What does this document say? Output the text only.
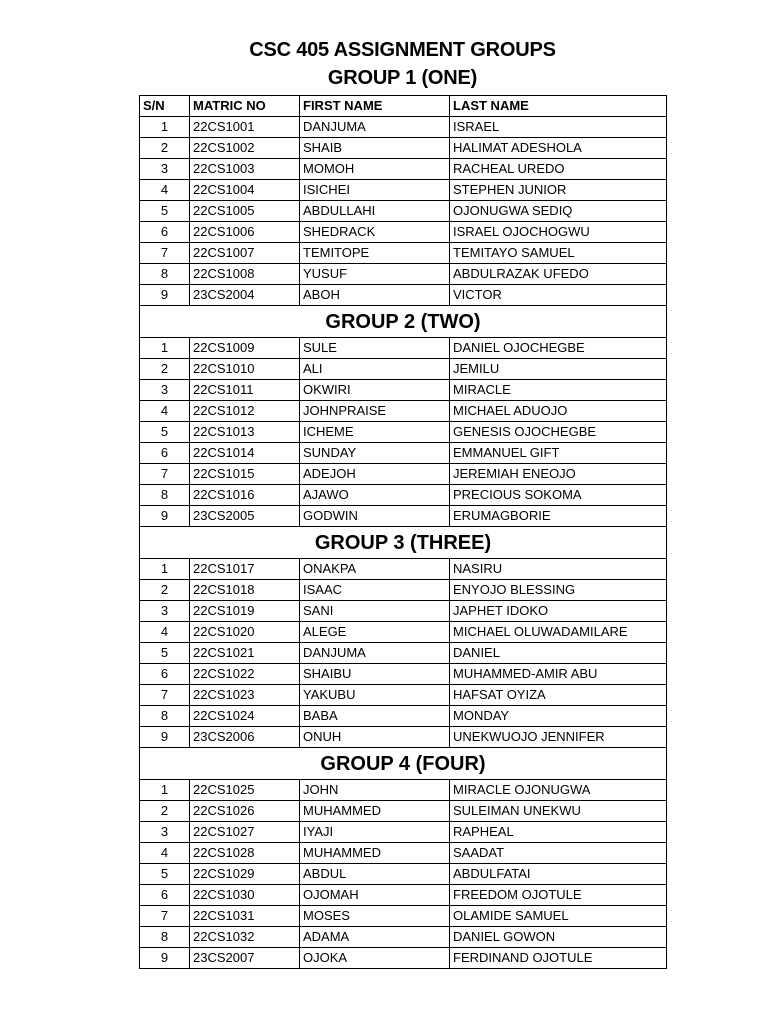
CSC 405 ASSIGNMENT GROUPS
GROUP 1 (ONE)
S/N	MATRIC NO	FIRST NAME	LAST NAME
1	22CS1001	DANJUMA	ISRAEL
2	22CS1002	SHAIB	HALIMAT ADESHOLA
3	22CS1003	MOMOH	RACHEAL UREDO
4	22CS1004	ISICHEI	STEPHEN JUNIOR
5	22CS1005	ABDULLAHI	OJONUGWA SEDIQ
6	22CS1006	SHEDRACK	ISRAEL OJOCHOGWU
7	22CS1007	TEMITOPE	TEMITAYO SAMUEL
8	22CS1008	YUSUF	ABDULRAZAK UFEDO
9	23CS2004	ABOH	VICTOR
GROUP 2 (TWO)			
1	22CS1009	SULE	DANIEL OJOCHEGBE
2	22CS1010	ALI	JEMILU
3	22CS1011	OKWIRI	MIRACLE
4	22CS1012	JOHNPRAISE	MICHAEL ADUOJO
5	22CS1013	ICHEME	GENESIS OJOCHEGBE
6	22CS1014	SUNDAY	EMMANUEL GIFT
7	22CS1015	ADEJOH	JEREMIAH ENEOJO
8	22CS1016	AJAWO	PRECIOUS SOKOMA
9	23CS2005	GODWIN	ERUMAGBORIE
GROUP 3 (THREE)			
1	22CS1017	ONAKPA	NASIRU
2	22CS1018	ISAAC	ENYOJO BLESSING
3	22CS1019	SANI	JAPHET IDOKO
4	22CS1020	ALEGE	MICHAEL OLUWADAMILARE
5	22CS1021	DANJUMA	DANIEL
6	22CS1022	SHAIBU	MUHAMMED-AMIR ABU
7	22CS1023	YAKUBU	HAFSAT OYIZA
8	22CS1024	BABA	MONDAY
9	23CS2006	ONUH	UNEKWUOJO JENNIFER
GROUP 4 (FOUR)			
1	22CS1025	JOHN	MIRACLE OJONUGWA
2	22CS1026	MUHAMMED	SULEIMAN UNEKWU
3	22CS1027	IYAJI	RAPHEAL
4	22CS1028	MUHAMMED	SAADAT
5	22CS1029	ABDUL	ABDULFATAI
6	22CS1030	OJOMAH	FREEDOM OJOTULE
7	22CS1031	MOSES	OLAMIDE SAMUEL
8	22CS1032	ADAMA	DANIEL GOWON
9	23CS2007	OJOKA	FERDINAND OJOTULE
